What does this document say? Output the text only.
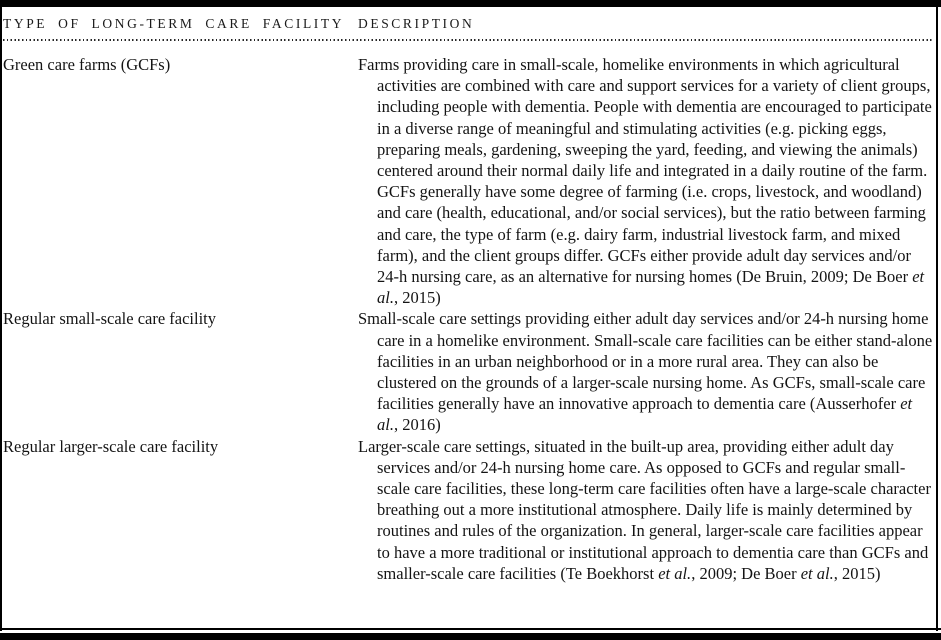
TYPE OF LONG-TERM CARE FACILITY	DESCRIPTION
Green care farms (GCFs)	Farms providing care in small-scale, homelike environments in which agricultural activities are combined with care and support services for a variety of client groups, including people with dementia. People with dementia are encouraged to participate in a diverse range of meaningful and stimulating activities (e.g. picking eggs, preparing meals, gardening, sweeping the yard, feeding, and viewing the animals) centered around their normal daily life and integrated in a daily routine of the farm. GCFs generally have some degree of farming (i.e. crops, livestock, and woodland) and care (health, educational, and/or social services), but the ratio between farming and care, the type of farm (e.g. dairy farm, industrial livestock farm, and mixed farm), and the client groups differ. GCFs either provide adult day services and/or 24-h nursing care, as an alternative for nursing homes (De Bruin, 2009; De Boer et al., 2015)
Regular small-scale care facility	Small-scale care settings providing either adult day services and/or 24-h nursing home care in a homelike environment. Small-scale care facilities can be either stand-alone facilities in an urban neighborhood or in a more rural area. They can also be clustered on the grounds of a larger-scale nursing home. As GCFs, small-scale care facilities generally have an innovative approach to dementia care (Ausserhofer et al., 2016)
Regular larger-scale care facility	Larger-scale care settings, situated in the built-up area, providing either adult day services and/or 24-h nursing home care. As opposed to GCFs and regular small-scale care facilities, these long-term care facilities often have a large-scale character breathing out a more institutional atmosphere. Daily life is mainly determined by routines and rules of the organization. In general, larger-scale care facilities appear to have a more traditional or institutional approach to dementia care than GCFs and smaller-scale care facilities (Te Boekhorst et al., 2009; De Boer et al., 2015)
